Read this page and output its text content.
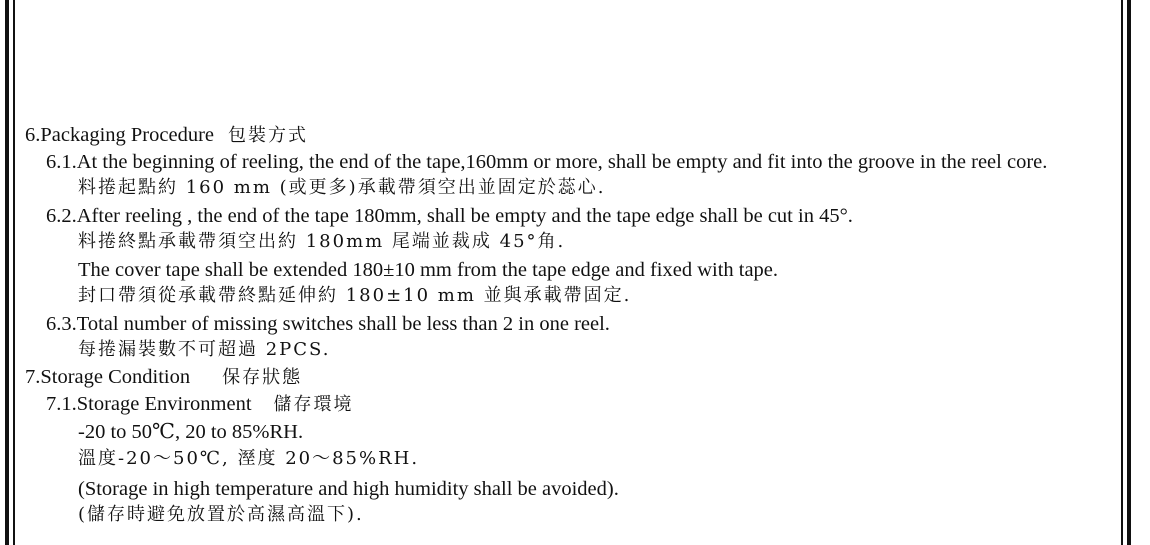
6.Packaging Procedure 包裝方式
6.1.At the beginning of reeling, the end of the tape,160mm or more, shall be empty and fit into the groove in the reel core.
料捲起點約 160 mm (或更多)承載帶須空出並固定於蕊心.
6.2.After reeling , the end of the tape 180mm, shall be empty and the tape edge shall be cut in 45°.
料捲終點承載帶須空出約 180mm 尾端並裁成 45°角.
The cover tape shall be extended 180±10 mm from the tape edge and fixed with tape.
封口帶須從承載帶終點延伸約 180±10 mm 並與承載帶固定.
6.3.Total number of missing switches shall be less than 2 in one reel.
每捲漏裝數不可超過 2PCS.
7.Storage Condition 保存狀態
7.1.Storage Environment 儲存環境
-20 to 50℃, 20 to 85%RH.
溫度-20～50℃, 溼度 20～85%RH.
(Storage in high temperature and high humidity shall be avoided).
(儲存時避免放置於高濕高溫下).
